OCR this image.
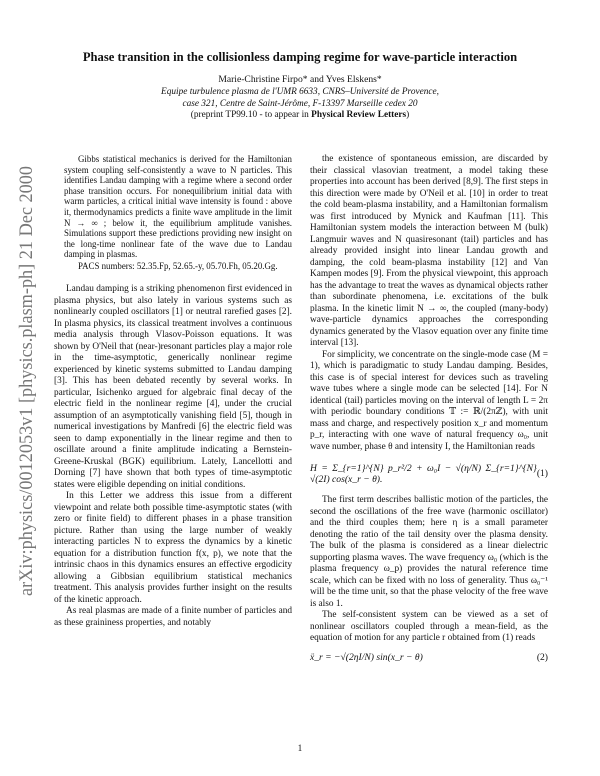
arXiv:physics/0012053v1 [physics.plasm-ph] 21 Dec 2000
Phase transition in the collisionless damping regime for wave-particle interaction
Marie-Christine Firpo* and Yves Elskens*
Equipe turbulence plasma de l'UMR 6633, CNRS–Université de Provence,
case 321, Centre de Saint-Jérôme, F-13397 Marseille cedex 20
(preprint TP99.10 - to appear in Physical Review Letters)

Gibbs statistical mechanics is derived for the Hamiltonian system coupling self-consistently a wave to N particles. This identifies Landau damping with a regime where a second order phase transition occurs. For nonequilibrium initial data with warm particles, a critical initial wave intensity is found : above it, thermodynamics predicts a finite wave amplitude in the limit N → ∞ ; below it, the equilibrium amplitude vanishes. Simulations support these predictions providing new insight on the long-time nonlinear fate of the wave due to Landau damping in plasmas.

PACS numbers: 52.35.Fp, 52.65.-y, 05.70.Fh, 05.20.Gg.

Landau damping is a striking phenomenon first evidenced in plasma physics, but also lately in various systems such as nonlinearly coupled oscillators [1] or neutral rarefied gases [2]. In plasma physics, its classical treatment involves a continuous media analysis through Vlasov-Poisson equations. It was shown by O'Neil that (near-)resonant particles play a major role in the time-asymptotic, generically nonlinear regime experienced by kinetic systems submitted to Landau damping [3]. This has been debated recently by several works. In particular, Isichenko argued for algebraic final decay of the electric field in the nonlinear regime [4], under the crucial assumption of an asymptotically vanishing field [5], though in numerical investigations by Manfredi [6] the electric field was seen to damp exponentially in the linear regime and then to oscillate around a finite amplitude indicating a Bernstein-Greene-Kruskal (BGK) equilibrium. Lately, Lancellotti and Dorning [7] have shown that both types of time-asymptotic states were eligible depending on initial conditions.

In this Letter we address this issue from a different viewpoint and relate both possible time-asymptotic states (with zero or finite field) to different phases in a phase transition picture. Rather than using the large number of weakly interacting particles N to express the dynamics by a kinetic equation for a distribution function f(x, p), we note that the intrinsic chaos in this dynamics ensures an effective ergodicity allowing a Gibbsian equilibrium statistical mechanics treatment. This analysis provides further insight on the results of the kinetic approach.

As real plasmas are made of a finite number of particles and as these graininess properties, and notably

the existence of spontaneous emission, are discarded by their classical vlasovian treatment, a model taking these properties into account has been derived [8,9]. The first steps in this direction were made by O'Neil et al. [10] in order to treat the cold beam-plasma instability, and a Hamiltonian formalism was first introduced by Mynick and Kaufman [11]. This Hamiltonian system models the interaction between M (bulk) Langmuir waves and N quasiresonant (tail) particles and has already provided insight into linear Landau growth and damping, the cold beam-plasma instability [12] and Van Kampen modes [9]. From the physical viewpoint, this approach has the advantage to treat the waves as dynamical objects rather than subordinate phenomena, i.e. excitations of the bulk plasma. In the kinetic limit N → ∞, the coupled (many-body) wave-particle dynamics approaches the corresponding dynamics generated by the Vlasov equation over any finite time interval [13].

For simplicity, we concentrate on the single-mode case (M = 1), which is paradigmatic to study Landau damping. Besides, this case is of special interest for devices such as traveling wave tubes where a single mode can be selected [14]. For N identical (tail) particles moving on the interval of length L = 2π with periodic boundary conditions 𝕋 := ℝ/(2πℤ), with unit mass and charge, and respectively position x_r and momentum p_r, interacting with one wave of natural frequency ω₀, unit wave number, phase θ and intensity I, the Hamiltonian reads

H = Σ_{r=1}^{N} p_r²/2 + ω₀I − √(η/N) Σ_{r=1}^{N} √(2I) cos(x_r − θ).
(1)

The first term describes ballistic motion of the particles, the second the oscillations of the free wave (harmonic oscillator) and the third couples them; here η is a small parameter denoting the ratio of the tail density over the plasma density. The bulk of the plasma is considered as a linear dielectric supporting plasma waves. The wave frequency ω₀ (which is the plasma frequency ω_p) provides the natural reference time scale, which can be fixed with no loss of generality. Thus ω₀⁻¹ will be the time unit, so that the phase velocity of the free wave is also 1.

The self-consistent system can be viewed as a set of nonlinear oscillators coupled through a mean-field, as the equation of motion for any particle r obtained from (1) reads

ẍ_r = −√(2ηI/N) sin(x_r − θ)	(2)
1
